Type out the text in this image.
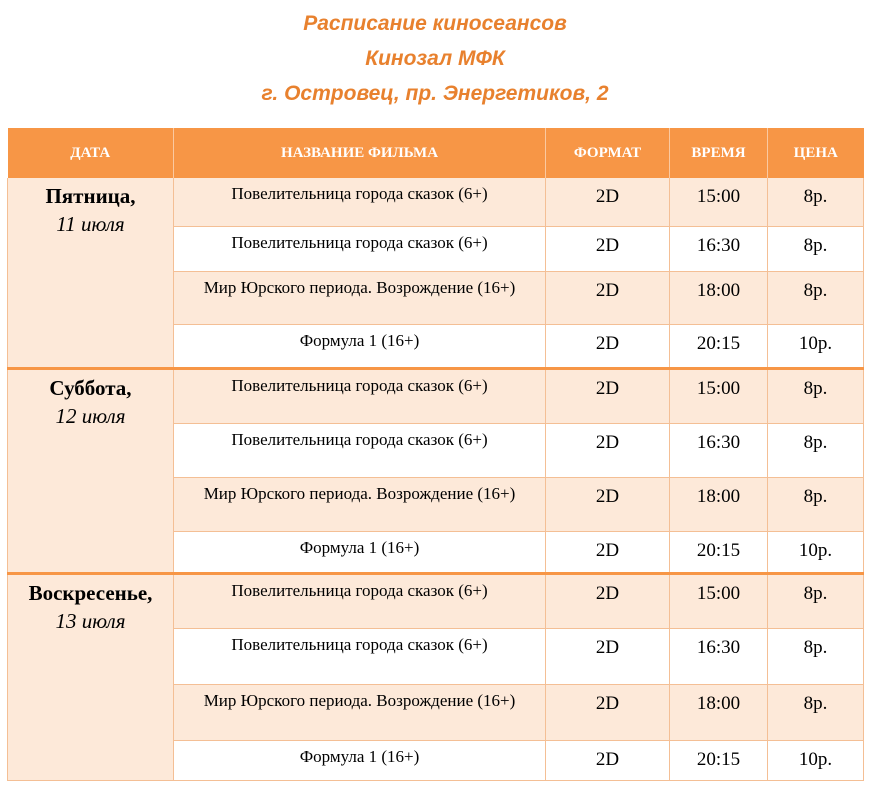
Расписание киносеансов
Кинозал МФК
г. Островец, пр. Энергетиков, 2
ДАТА	НАЗВАНИЕ ФИЛЬМА	ФОРМАТ	ВРЕМЯ	ЦЕНА

Пятница,
11 июля	Повелительница города сказок (6+)	2D	15:00	8р.
	Повелительница города сказок (6+)	2D	16:30	8р.
	Мир Юрского периода. Возрождение (16+)	2D	18:00	8р.
	Формула 1 (16+)	2D	20:15	10р.

Суббота,
12 июля	Повелительница города сказок (6+)	2D	15:00	8р.
	Повелительница города сказок (6+)	2D	16:30	8р.
	Мир Юрского периода. Возрождение (16+)	2D	18:00	8р.
	Формула 1 (16+)	2D	20:15	10р.

Воскресенье,
13 июля	Повелительница города сказок (6+)	2D	15:00	8р.
	Повелительница города сказок (6+)	2D	16:30	8р.
	Мир Юрского периода. Возрождение (16+)	2D	18:00	8р.
	Формула 1 (16+)	2D	20:15	10р.
